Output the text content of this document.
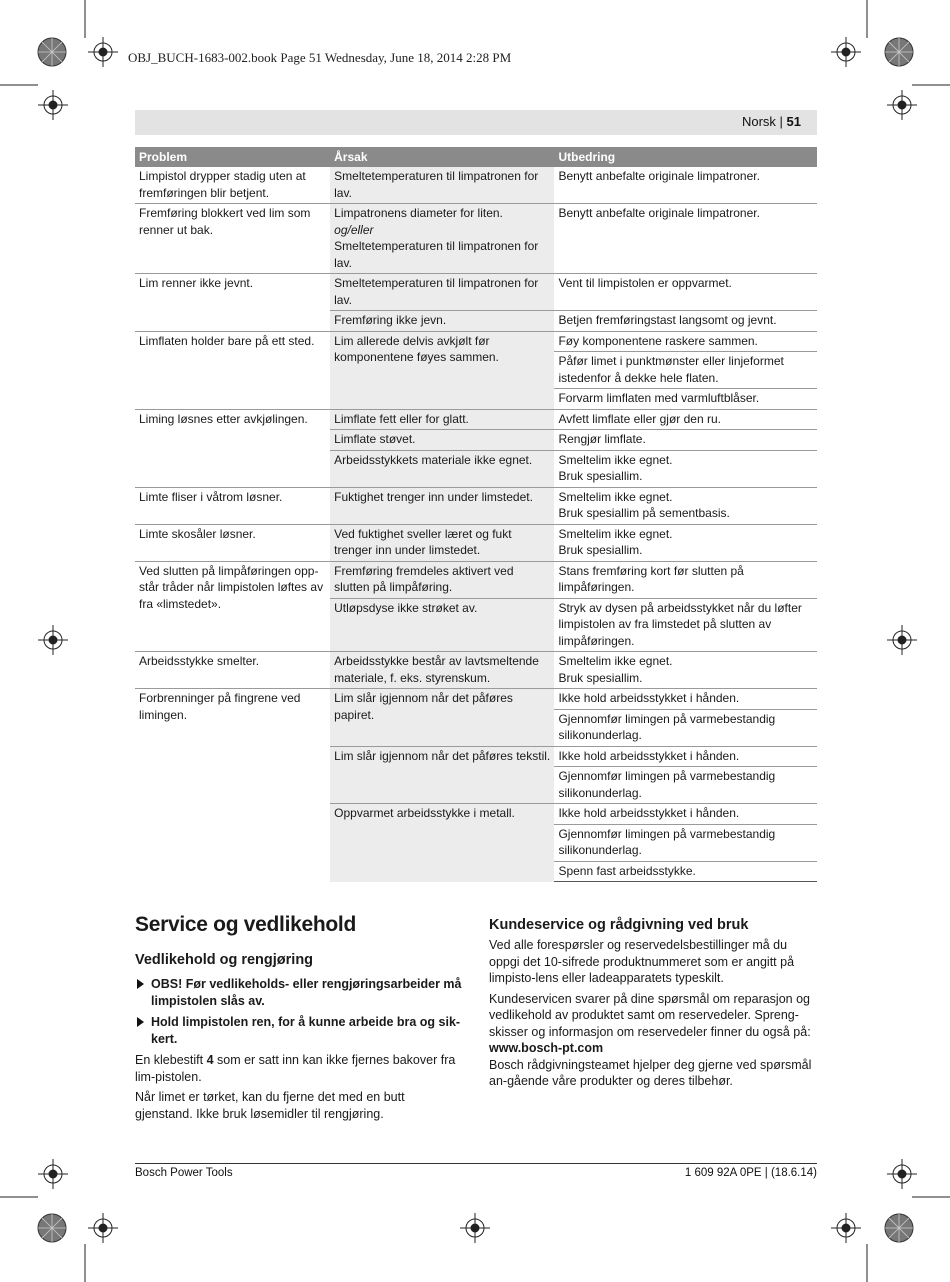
OBJ_BUCH-1683-002.book Page 51 Wednesday, June 18, 2014 2:28 PM
Norsk | 51
Problem	Årsak	Utbedring
Limpistol drypper stadig uten at fremføringen blir betjent.	Smeltetemperaturen til limpatronen for lav.	Benytt anbefalte originale limpatroner.
Fremføring blokkert ved lim som renner ut bak.	Limpatronens diameter for liten.
og/eller
Smeltetemperaturen til limpatronen for lav.	Benytt anbefalte originale limpatroner.
Lim renner ikke jevnt.	Smeltetemperaturen til limpatronen for lav.	Vent til limpistolen er oppvarmet.
	Fremføring ikke jevn.	Betjen fremføringstast langsomt og jevnt.
Limflaten holder bare på ett sted.	Lim allerede delvis avkjølt før komponentene føyes sammen.	Føy komponentene raskere sammen.
		Påfør limet i punktmønster eller linjeformet istedenfor å dekke hele flaten.
		Forvarm limflaten med varmluftblåser.
Liming løsnes etter avkjølingen.	Limflate fett eller for glatt.	Avfett limflate eller gjør den ru.
	Limflate støvet.	Rengjør limflate.
	Arbeidsstykkets materiale ikke egnet.	Smeltelim ikke egnet.
Bruk spesiallim.
Limte fliser i våtrom løsner.	Fuktighet trenger inn under limstedet.	Smeltelim ikke egnet.
Bruk spesiallim på sementbasis.
Limte skosåler løsner.	Ved fuktighet sveller læret og fukt trenger inn under limstedet.	Smeltelim ikke egnet.
Bruk spesiallim.
Ved slutten på limpåføringen opp-står tråder når limpistolen løftes av fra «limstedet».	Fremføring fremdeles aktivert ved slutten på limpåføring.	Stans fremføring kort før slutten på limpåføringen.
	Utløpsdyse ikke strøket av.	Stryk av dysen på arbeidsstykket når du løfter limpistolen av fra limstedet på slutten av limpåføringen.
Arbeidsstykke smelter.	Arbeidsstykke består av lavtsmeltende materiale, f. eks. styrenskum.	Smeltelim ikke egnet.
Bruk spesiallim.
Forbrenninger på fingrene ved limingen.	Lim slår igjennom når det påføres papiret.	Ikke hold arbeidsstykket i hånden.
		Gjennomfør limingen på varmebestandig silikonunderlag.
	Lim slår igjennom når det påføres tekstil.	Ikke hold arbeidsstykket i hånden.
		Gjennomfør limingen på varmebestandig silikonunderlag.
	Oppvarmet arbeidsstykke i metall.	Ikke hold arbeidsstykket i hånden.
		Gjennomfør limingen på varmebestandig silikonunderlag.
		Spenn fast arbeidsstykke.
Service og vedlikehold
Vedlikehold og rengjøring
OBS! Før vedlikeholds- eller rengjøringsarbeider må limpistolen slås av.
Hold limpistolen ren, for å kunne arbeide bra og sik-kert.

En klebestift 4 som er satt inn kan ikke fjernes bakover fra lim-pistolen.

Når limet er tørket, kan du fjerne det med en butt gjenstand. Ikke bruk løsemidler til rengjøring.

Kundeservice og rådgivning ved bruk

Ved alle forespørsler og reservedelsbestillinger må du oppgi det 10-sifrede produktnummeret som er angitt på limpisto-lens eller ladeapparatets typeskilt.

Kundeservicen svarer på dine spørsmål om reparasjon og vedlikehold av produktet samt om reservedeler. Spreng-skisser og informasjon om reservedeler finner du også på:

www.bosch-pt.com

Bosch rådgivningsteamet hjelper deg gjerne ved spørsmål an-gående våre produkter og deres tilbehør.

Bosch Power Tools	1 609 92A 0PE | (18.6.14)
